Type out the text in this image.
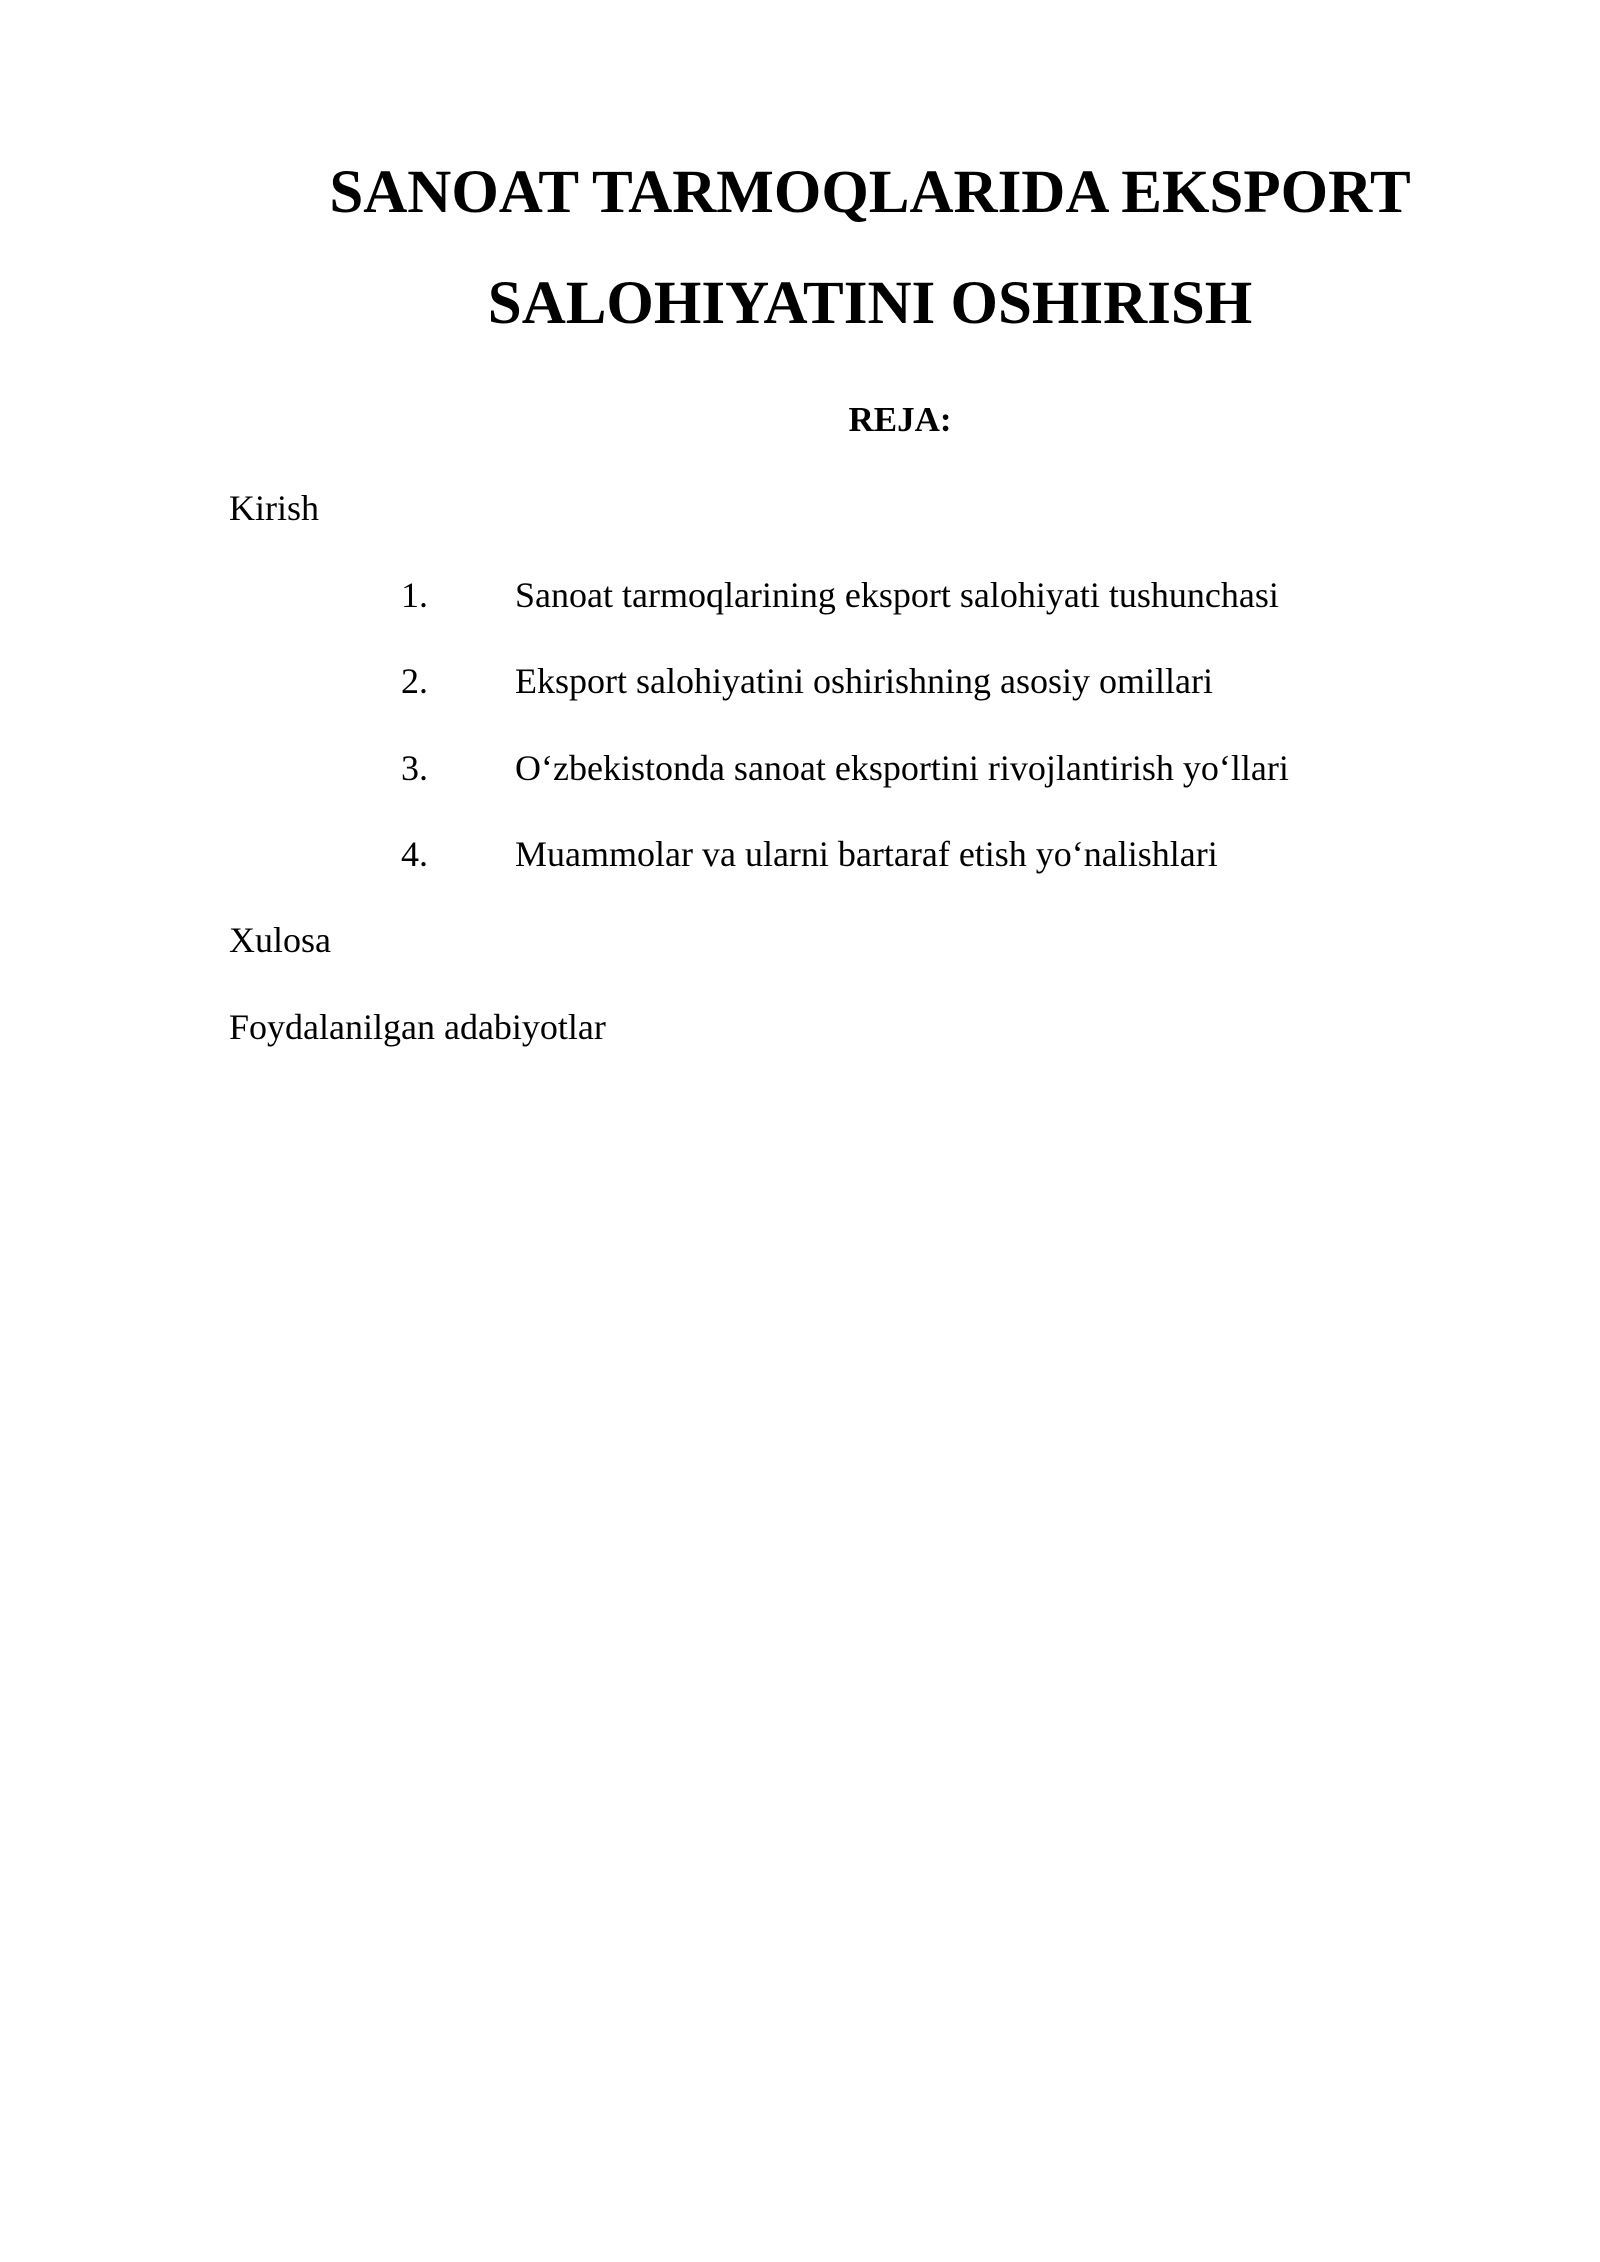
SANOAT TARMOQLARIDA EKSPORT
SALOHIYATINI OSHIRISH
REJA:

Kirish

1. Sanoat tarmoqlarining eksport salohiyati tushunchasi
2. Eksport salohiyatini oshirishning asosiy omillari
3. O‘zbekistonda sanoat eksportini rivojlantirish yo‘llari
4. Muammolar va ularni bartaraf etish yo‘nalishlari

Xulosa

Foydalanilgan adabiyotlar
